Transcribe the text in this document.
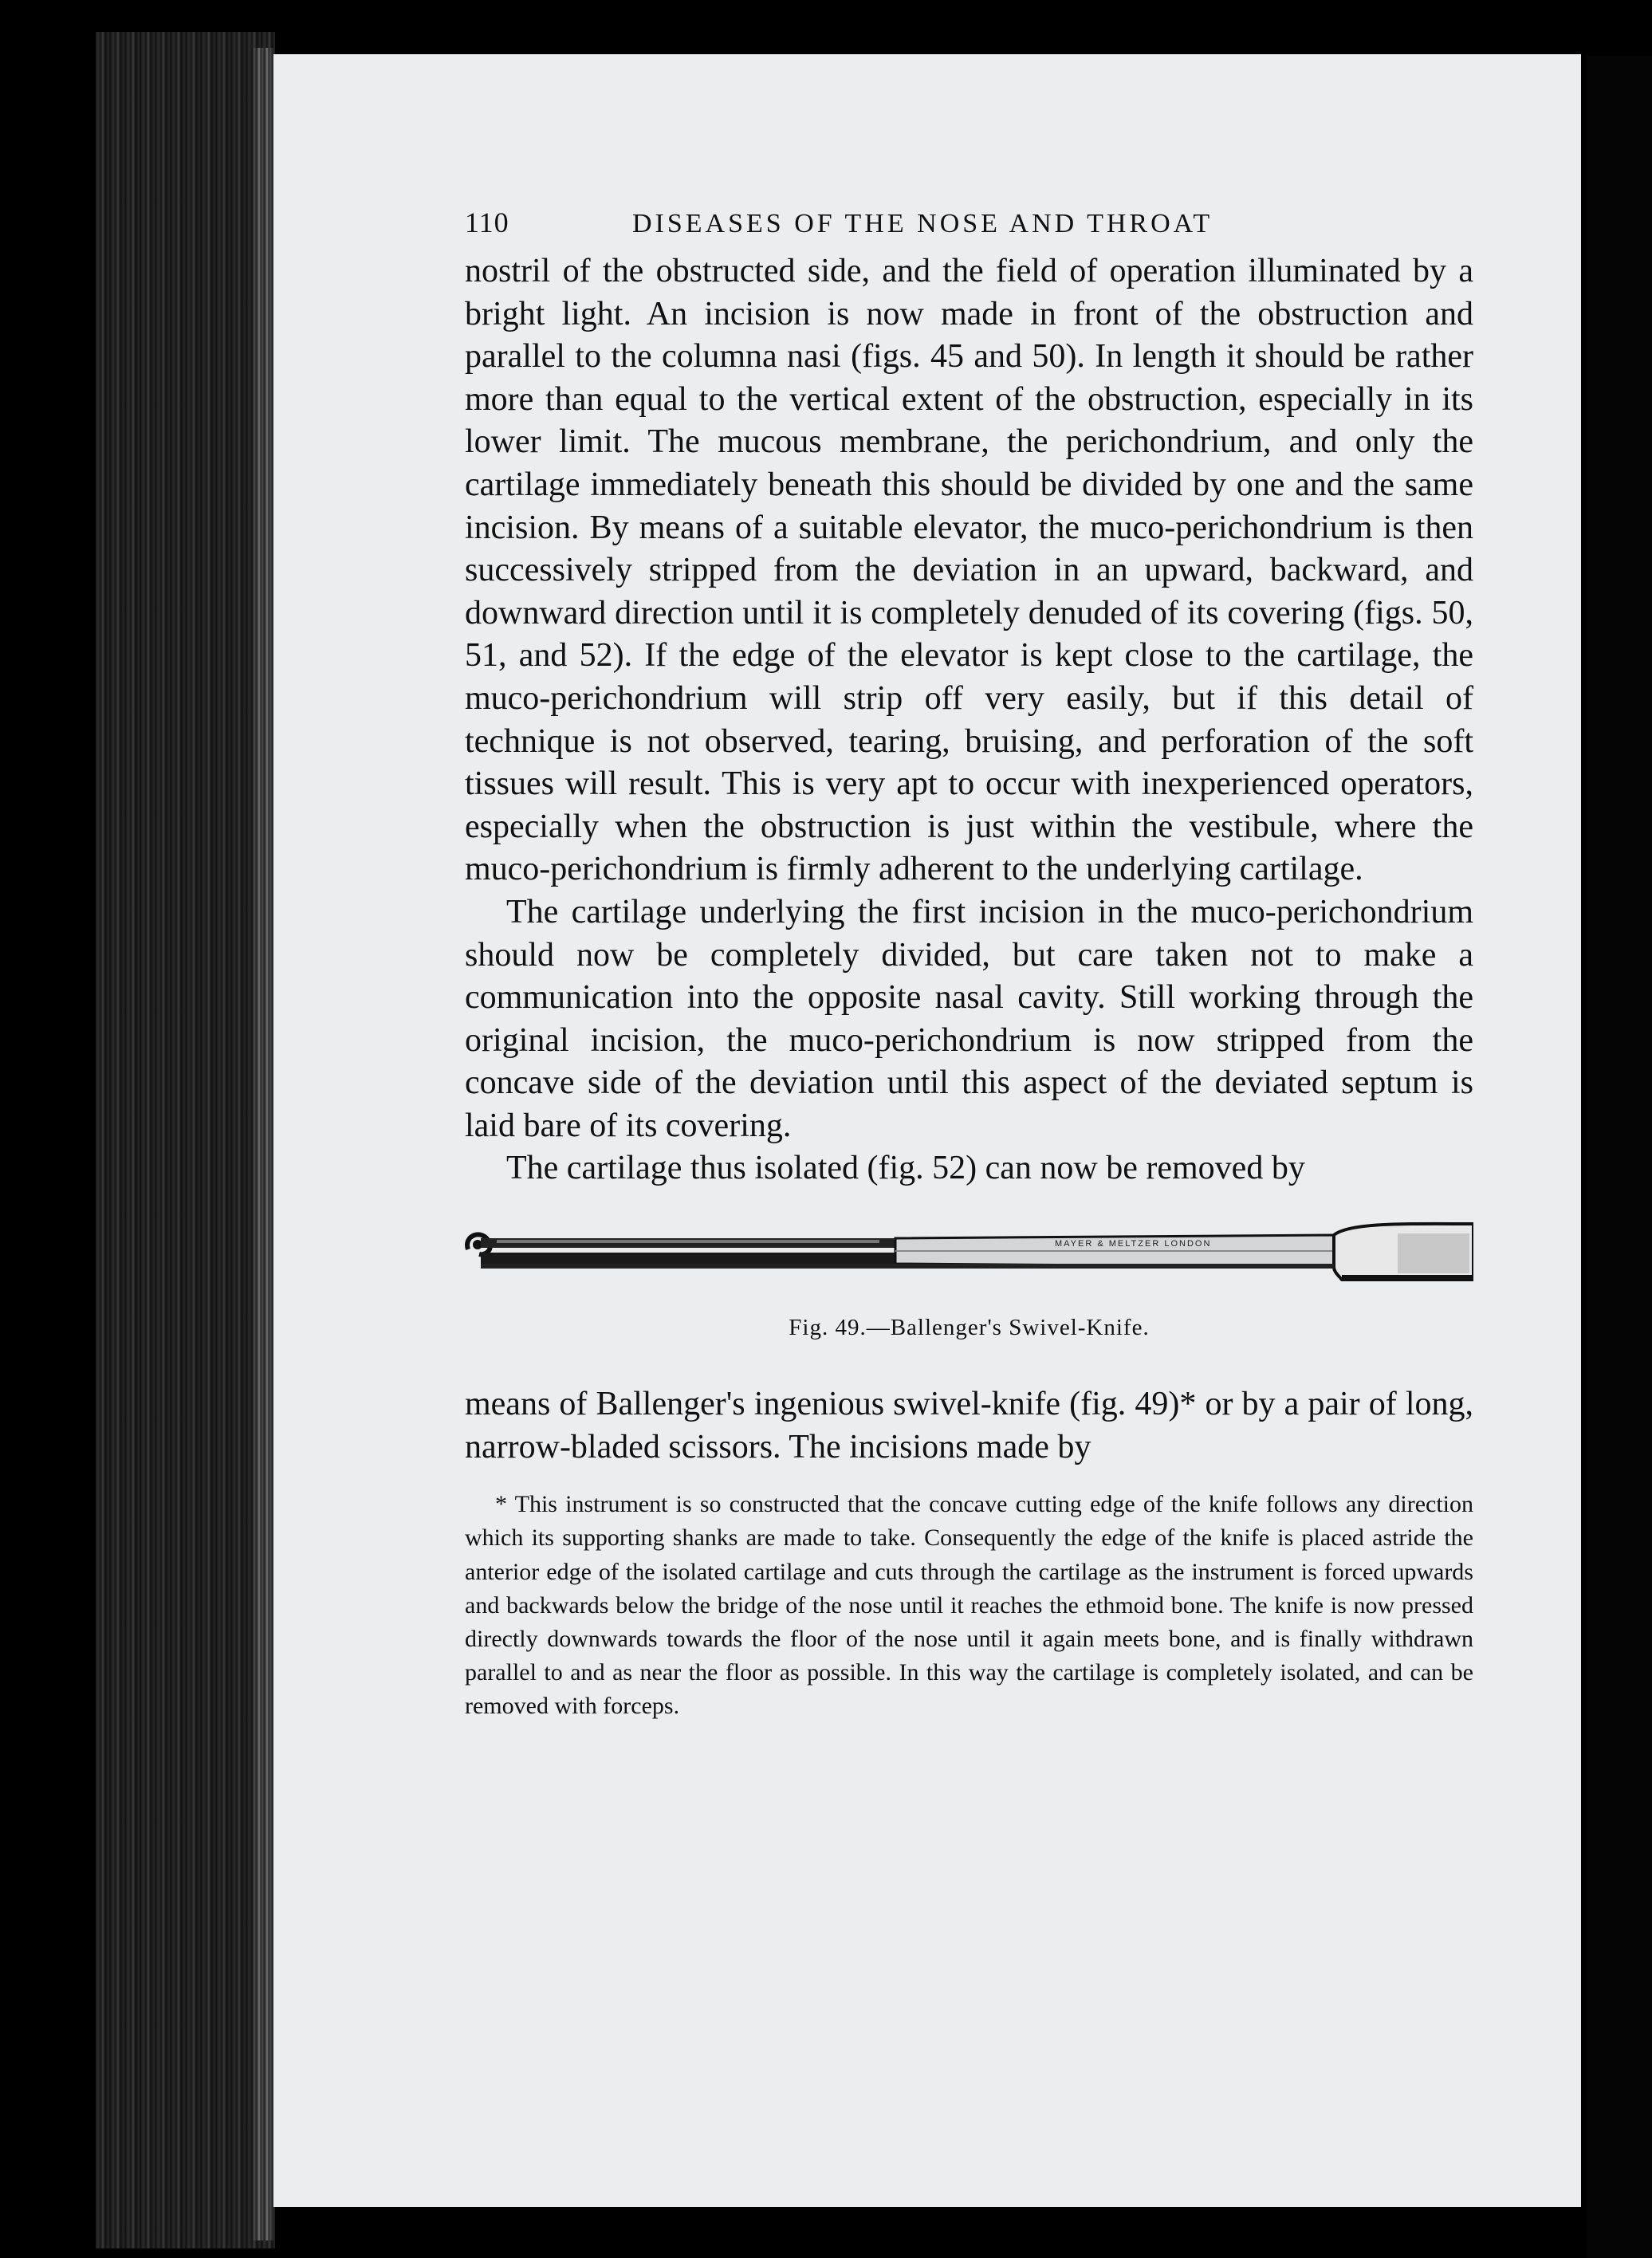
110	DISEASES OF THE NOSE AND THROAT

nostril of the obstructed side, and the field of operation illuminated by a bright light. An incision is now made in front of the obstruction and parallel to the columna nasi (figs. 45 and 50). In length it should be rather more than equal to the vertical extent of the obstruction, especially in its lower limit. The mucous membrane, the perichondrium, and only the cartilage immediately beneath this should be divided by one and the same incision. By means of a suitable elevator, the muco-perichondrium is then successively stripped from the deviation in an upward, backward, and downward direction until it is completely denuded of its covering (figs. 50, 51, and 52). If the edge of the elevator is kept close to the cartilage, the muco-perichondrium will strip off very easily, but if this detail of technique is not observed, tearing, bruising, and perforation of the soft tissues will result. This is very apt to occur with inexperienced operators, especially when the obstruction is just within the vestibule, where the muco-perichondrium is firmly adherent to the underlying cartilage.

The cartilage underlying the first incision in the muco-perichondrium should now be completely divided, but care taken not to make a communication into the opposite nasal cavity. Still working through the original incision, the muco-perichondrium is now stripped from the concave side of the deviation until this aspect of the deviated septum is laid bare of its covering.

The cartilage thus isolated (fig. 52) can now be removed by

MAYER & MELTZER LONDON
Fig. 49.—Ballenger's Swivel-Knife.

means of Ballenger's ingenious swivel-knife (fig. 49)* or by a pair of long, narrow-bladed scissors. The incisions made by

* This instrument is so constructed that the concave cutting edge of the knife follows any direction which its supporting shanks are made to take. Consequently the edge of the knife is placed astride the anterior edge of the isolated cartilage and cuts through the cartilage as the instrument is forced upwards and backwards below the bridge of the nose until it reaches the ethmoid bone. The knife is now pressed directly downwards towards the floor of the nose until it again meets bone, and is finally withdrawn parallel to and as near the floor as possible. In this way the cartilage is completely isolated, and can be removed with forceps.
